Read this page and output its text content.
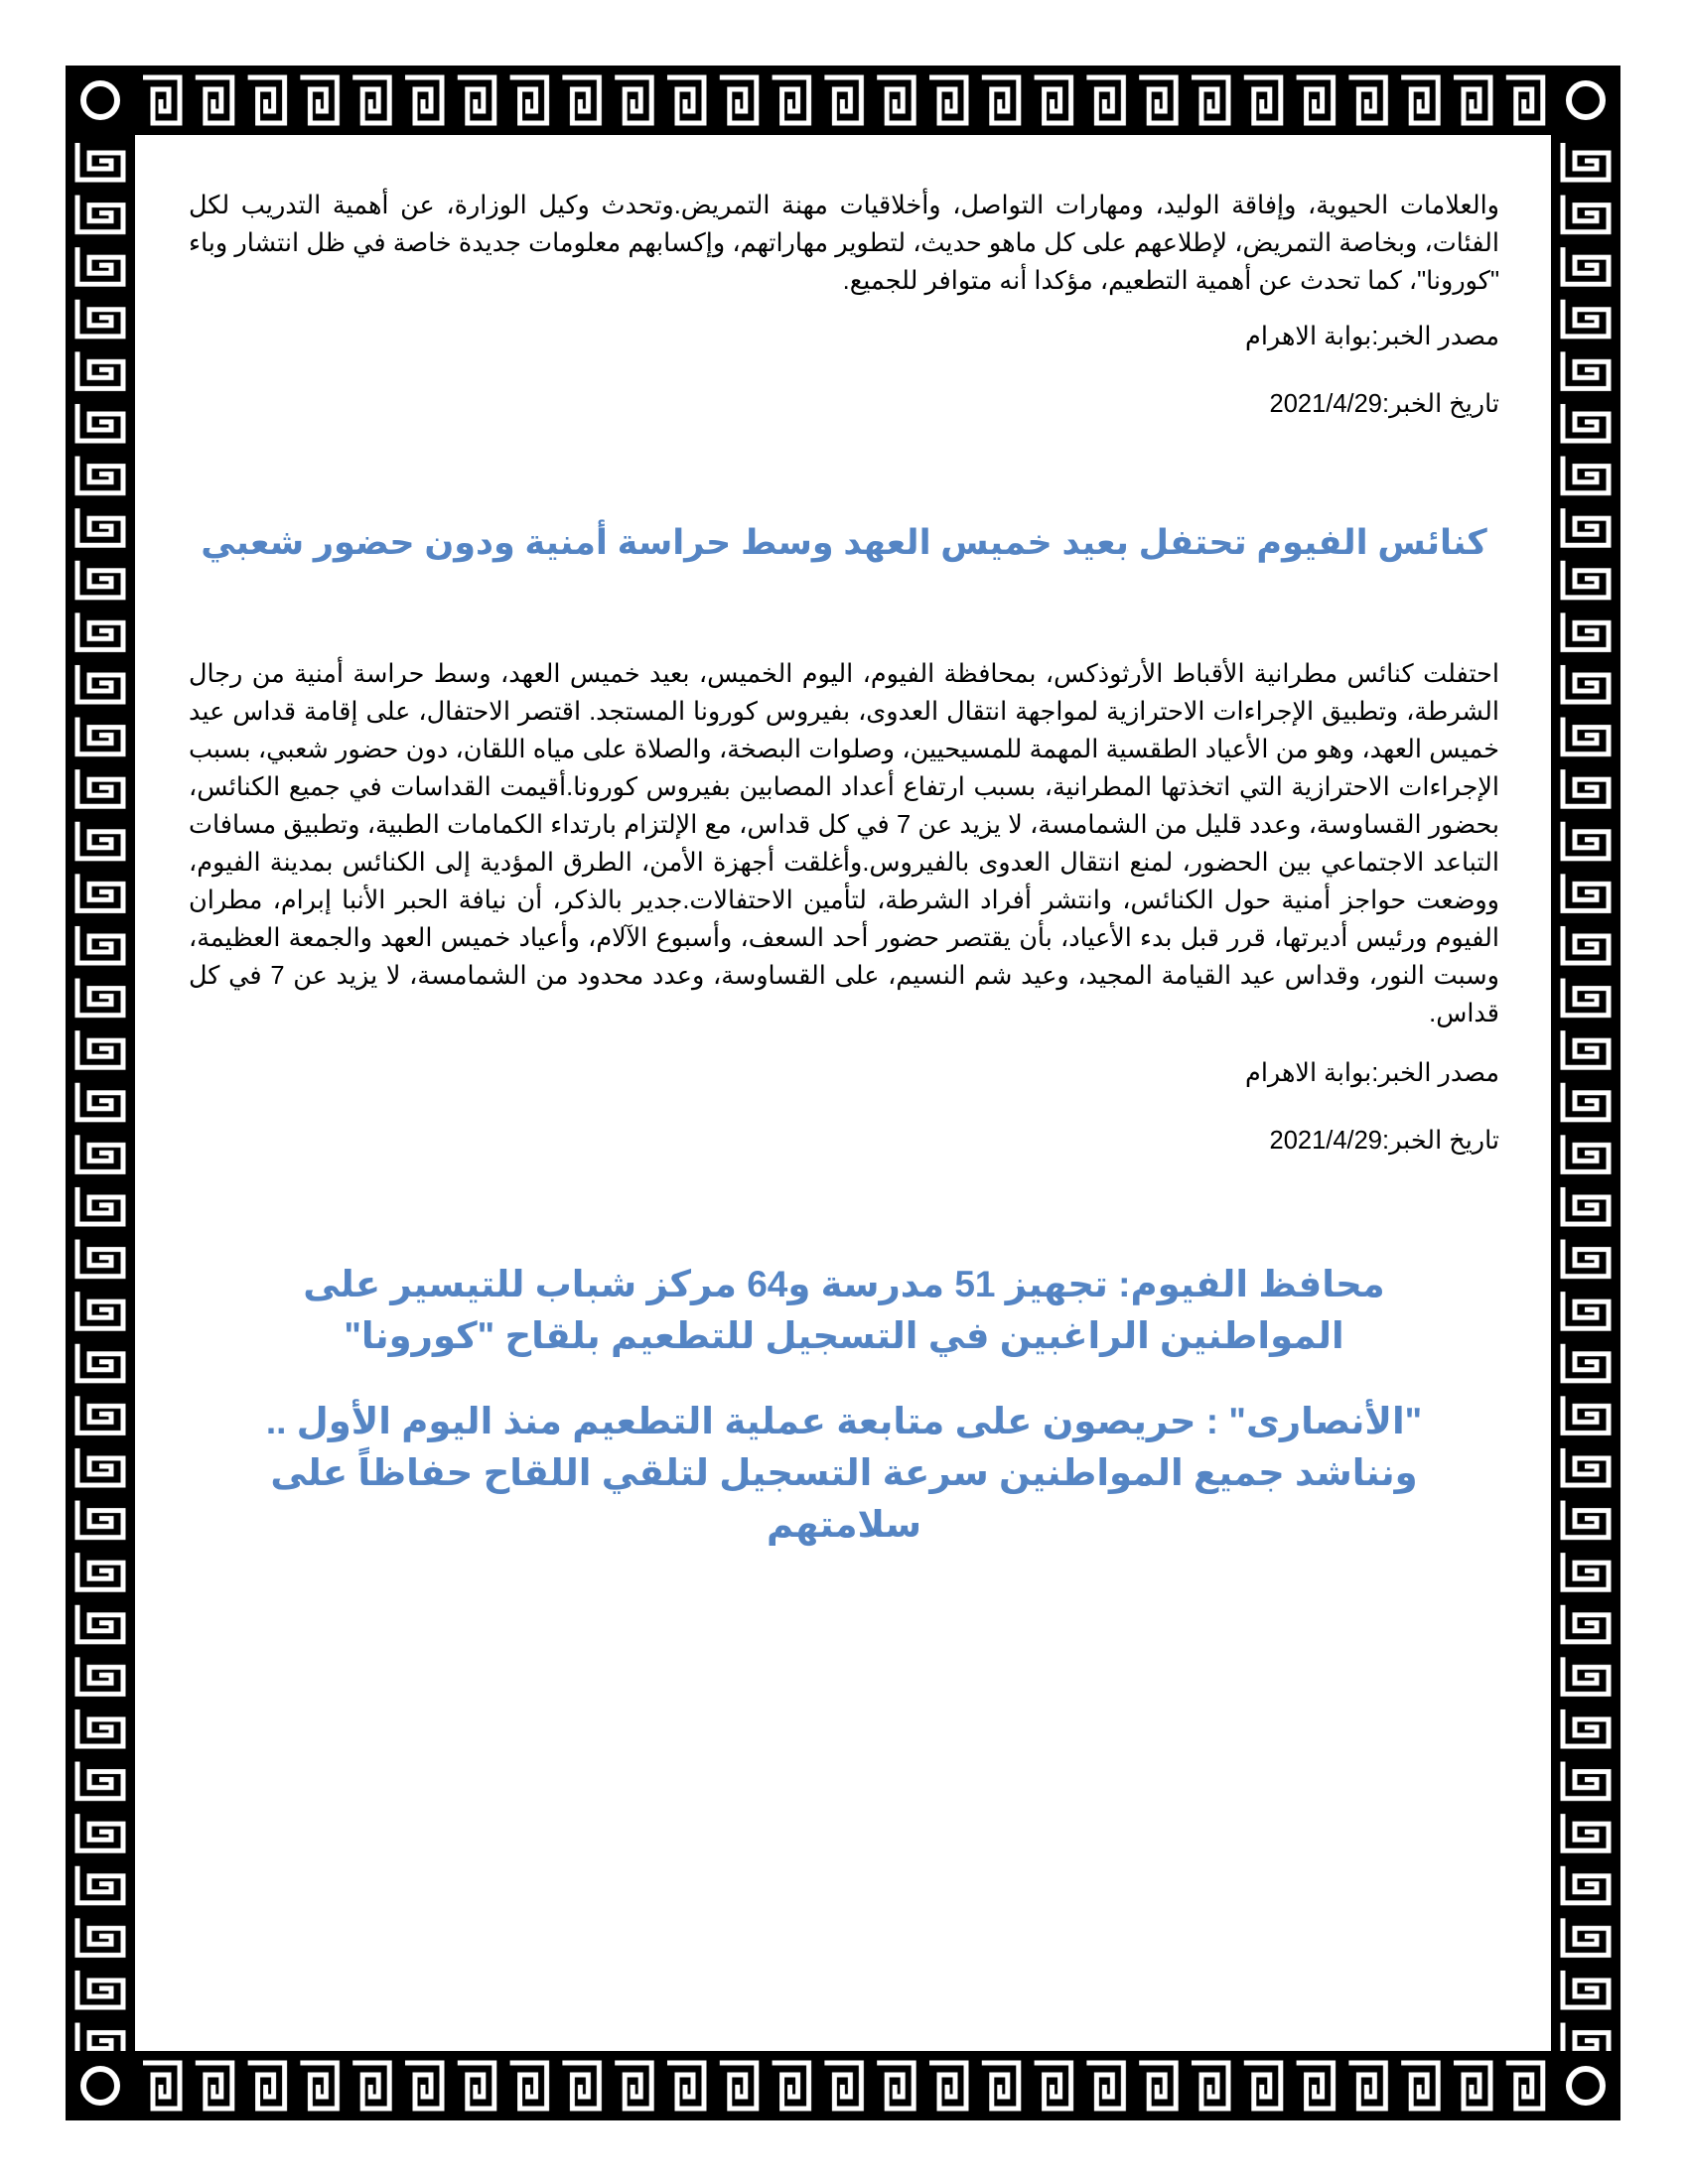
والعلامات الحيوية، وإفاقة الوليد، ومهارات التواصل، وأخلاقيات مهنة التمريض.وتحدث وكيل الوزارة، عن أهمية التدريب لكل الفئات، وبخاصة التمريض، لإطلاعهم على كل ماهو حديث، لتطوير مهاراتهم، وإكسابهم معلومات جديدة خاصة في ظل انتشار وباء "كورونا"، كما تحدث عن أهمية التطعيم، مؤكدا أنه متوافر للجميع.

مصدر الخبر:بوابة الاهرام

تاريخ الخبر:2021/4/29

كنائس الفيوم تحتفل بعيد خميس العهد وسط حراسة أمنية ودون حضور شعبي

احتفلت كنائس مطرانية الأقباط الأرثوذكس، بمحافظة الفيوم، اليوم الخميس، بعيد خميس العهد، وسط حراسة أمنية من رجال الشرطة، وتطبيق الإجراءات الاحترازية لمواجهة انتقال العدوى، بفيروس كورونا المستجد. اقتصر الاحتفال، على إقامة قداس عيد خميس العهد، وهو من الأعياد الطقسية المهمة للمسيحيين، وصلوات البصخة، والصلاة على مياه اللقان، دون حضور شعبي، بسبب الإجراءات الاحترازية التي اتخذتها المطرانية، بسبب ارتفاع أعداد المصابين بفيروس كورونا.أقيمت القداسات في جميع الكنائس، بحضور القساوسة، وعدد قليل من الشمامسة، لا يزيد عن 7 في كل قداس، مع الإلتزام بارتداء الكمامات الطبية، وتطبيق مسافات التباعد الاجتماعي بين الحضور، لمنع انتقال العدوى بالفيروس.وأغلقت أجهزة الأمن، الطرق المؤدية إلى الكنائس بمدينة الفيوم، ووضعت حواجز أمنية حول الكنائس، وانتشر أفراد الشرطة، لتأمين الاحتفالات.جدير بالذكر، أن نيافة الحبر الأنبا إبرام، مطران الفيوم ورئيس أديرتها، قرر قبل بدء الأعياد، بأن يقتصر حضور أحد السعف، وأسبوع الآلام، وأعياد خميس العهد والجمعة العظيمة، وسبت النور، وقداس عيد القيامة المجيد، وعيد شم النسيم، على القساوسة، وعدد محدود من الشمامسة، لا يزيد عن 7 في كل قداس.

مصدر الخبر:بوابة الاهرام

تاريخ الخبر:2021/4/29

محافظ الفيوم: تجهيز 51 مدرسة و64 مركز شباب للتيسير على المواطنين الراغبين في التسجيل للتطعيم بلقاح "كورونا"
"الأنصارى" : حريصون على متابعة عملية التطعيم منذ اليوم الأول .. ونناشد جميع المواطنين سرعة التسجيل لتلقي اللقاح حفاظاً على سلامتهم
